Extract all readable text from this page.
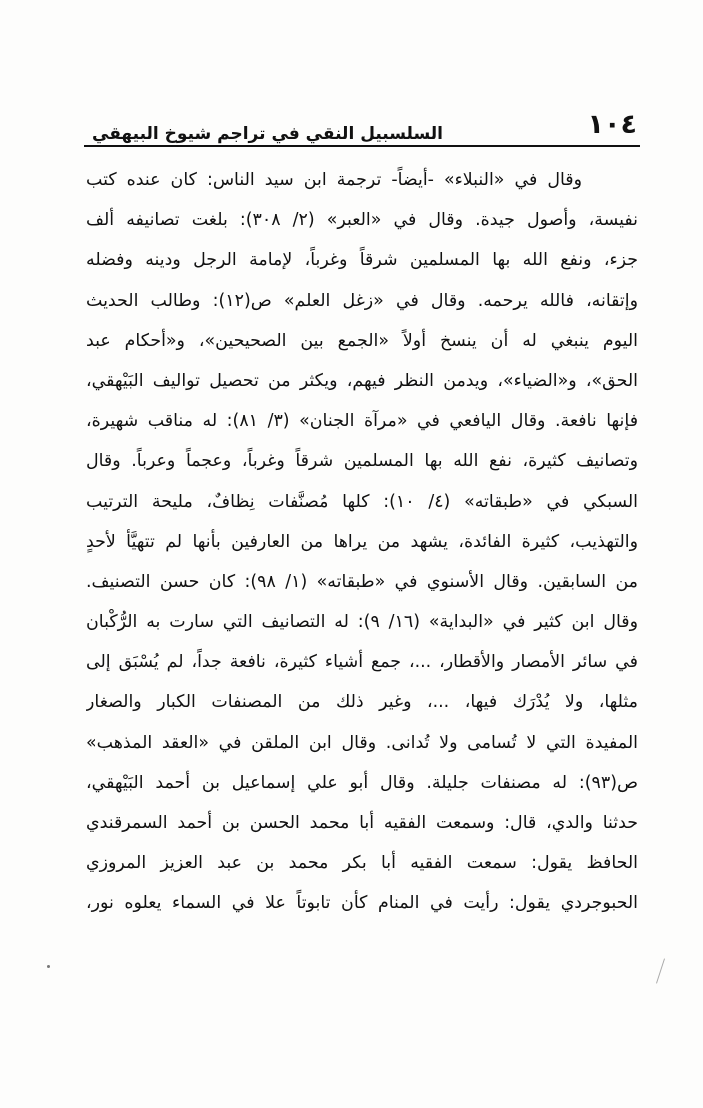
١٠٤
السلسبيل النقي في تراجم شيوخ البيهقي
وقال في «النبلاء» -أيضاً- ترجمة ابن سيد الناس: كان عنده كتب
نفيسة، وأصول جيدة. وقال في «العبر» (٢/ ٣٠٨): بلغت تصانيفه ألف
جزء، ونفع الله بها المسلمين شرقاً وغرباً، لإمامة الرجل ودينه وفضله
وإتقانه، فالله يرحمه. وقال في «زغل العلم» ص(١٢): وطالب الحديث
اليوم ينبغي له أن ينسخ أولاً «الجمع بين الصحيحين»، و«أحكام عبد
الحق»، و«الضياء»، ويدمن النظر فيهم، ويكثر من تحصيل تواليف البَيْهقي،
فإنها نافعة. وقال اليافعي في «مرآة الجنان» (٣/ ٨١): له مناقب شهيرة،
وتصانيف كثيرة، نفع الله بها المسلمين شرقاً وغرباً، وعجماً وعرباً. وقال
السبكي في «طبقاته» (٤/ ١٠): كلها مُصنَّفات نِظافٌ، مليحة الترتيب
والتهذيب، كثيرة الفائدة، يشهد من يراها من العارفين بأنها لم تتهيَّأ لأحدٍ
من السابقين. وقال الأسنوي في «طبقاته» (١/ ٩٨): كان حسن التصنيف.
وقال ابن كثير في «البداية» (١٦/ ٩): له التصانيف التي سارت به الرُّكْبان
في سائر الأمصار والأقطار، ...، جمع أشياء كثيرة، نافعة جداً، لم يُسْبَق إلى
مثلها، ولا يُدْرَك فيها، ...، وغير ذلك من المصنفات الكبار والصغار
المفيدة التي لا تُسامى ولا تُدانى. وقال ابن الملقن في «العقد المذهب»
ص(٩٣): له مصنفات جليلة. وقال أبو علي إسماعيل بن أحمد البَيْهقي،
حدثنا والدي، قال: وسمعت الفقيه أبا محمد الحسن بن أحمد السمرقندي
الحافظ يقول: سمعت الفقيه أبا بكر محمد بن عبد العزيز المروزي
الحبوجردي يقول: رأيت في المنام كأن تابوتاً علا في السماء يعلوه نور،
